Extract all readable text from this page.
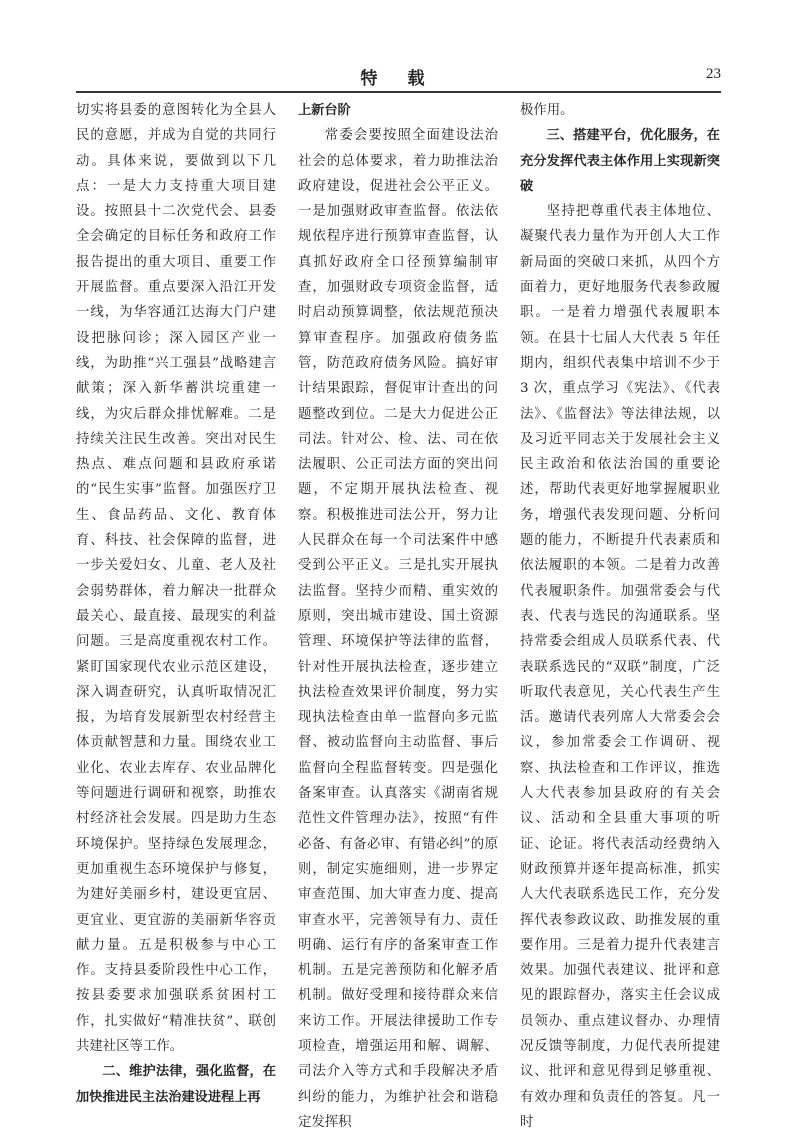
特 载	23

切实将县委的意图转化为全县人民的意愿，并成为自觉的共同行动。具体来说，要做到以下几点：一是大力支持重大项目建设。按照县十二次党代会、县委全会确定的目标任务和政府工作报告提出的重大项目、重要工作开展监督。重点要深入沿江开发一线，为华容通江达海大门户建设把脉问诊；深入园区产业一线，为助推“兴工强县”战略建言献策；深入新华蓄洪垸重建一线，为灾后群众排忧解难。二是持续关注民生改善。突出对民生热点、难点问题和县政府承诺的“民生实事”监督。加强医疗卫生、食品药品、文化、教育体育、科技、社会保障的监督，进一步关爱妇女、儿童、老人及社会弱势群体，着力解决一批群众最关心、最直接、最现实的利益问题。三是高度重视农村工作。紧盯国家现代农业示范区建设，深入调查研究，认真听取情况汇报，为培育发展新型农村经营主体贡献智慧和力量。围绕农业工业化、农业去库存、农业品牌化等问题进行调研和视察，助推农村经济社会发展。四是助力生态环境保护。坚持绿色发展理念，更加重视生态环境保护与修复，为建好美丽乡村，建设更宜居、更宜业、更宜游的美丽新华容贡献力量。五是积极参与中心工作。支持县委阶段性中心工作，按县委要求加强联系贫困村工作，扎实做好“精准扶贫”、联创共建社区等工作。

二、维护法律，强化监督，在加快推进民主法治建设进程上再

上新台阶

常委会要按照全面建设法治社会的总体要求，着力助推法治政府建设，促进社会公平正义。一是加强财政审查监督。依法依规依程序进行预算审查监督，认真抓好政府全口径预算编制审查，加强财政专项资金监督，适时启动预算调整，依法规范预决算审查程序。加强政府债务监管，防范政府债务风险。搞好审计结果跟踪，督促审计查出的问题整改到位。二是大力促进公正司法。针对公、检、法、司在依法履职、公正司法方面的突出问题，不定期开展执法检查、视察。积极推进司法公开，努力让人民群众在每一个司法案件中感受到公平正义。三是扎实开展执法监督。坚持少而精、重实效的原则，突出城市建设、国土资源管理、环境保护等法律的监督，针对性开展执法检查，逐步建立执法检查效果评价制度，努力实现执法检查由单一监督向多元监督、被动监督向主动监督、事后监督向全程监督转变。四是强化备案审查。认真落实《湖南省规范性文件管理办法》，按照“有件必备、有备必审、有错必纠”的原则，制定实施细则，进一步界定审查范围、加大审查力度、提高审查水平，完善领导有力、责任明确、运行有序的备案审查工作机制。五是完善预防和化解矛盾机制。做好受理和接待群众来信来访工作。开展法律援助工作专项检查，增强运用和解、调解、司法介入等方式和手段解决矛盾纠纷的能力，为维护社会和谐稳定发挥积

极作用。

三、搭建平台，优化服务，在充分发挥代表主体作用上实现新突破

坚持把尊重代表主体地位、凝聚代表力量作为开创人大工作新局面的突破口来抓，从四个方面着力，更好地服务代表参政履职。一是着力增强代表履职本领。在县十七届人大代表 5 年任期内，组织代表集中培训不少于 3 次，重点学习《宪法》、《代表法》、《监督法》等法律法规，以及习近平同志关于发展社会主义民主政治和依法治国的重要论述，帮助代表更好地掌握履职业务，增强代表发现问题、分析问题的能力，不断提升代表素质和依法履职的本领。二是着力改善代表履职条件。加强常委会与代表、代表与选民的沟通联系。坚持常委会组成人员联系代表、代表联系选民的“双联”制度，广泛听取代表意见，关心代表生产生活。邀请代表列席人大常委会会议，参加常委会工作调研、视察、执法检查和工作评议，推选人大代表参加县政府的有关会议、活动和全县重大事项的听证、论证。将代表活动经费纳入财政预算并逐年提高标准，抓实人大代表联系选民工作，充分发挥代表参政议政、助推发展的重要作用。三是着力提升代表建言效果。加强代表建议、批评和意见的跟踪督办，落实主任会议成员领办、重点建议督办、办理情况反馈等制度，力促代表所提建议、批评和意见得到足够重视、有效办理和负责任的答复。凡一时
